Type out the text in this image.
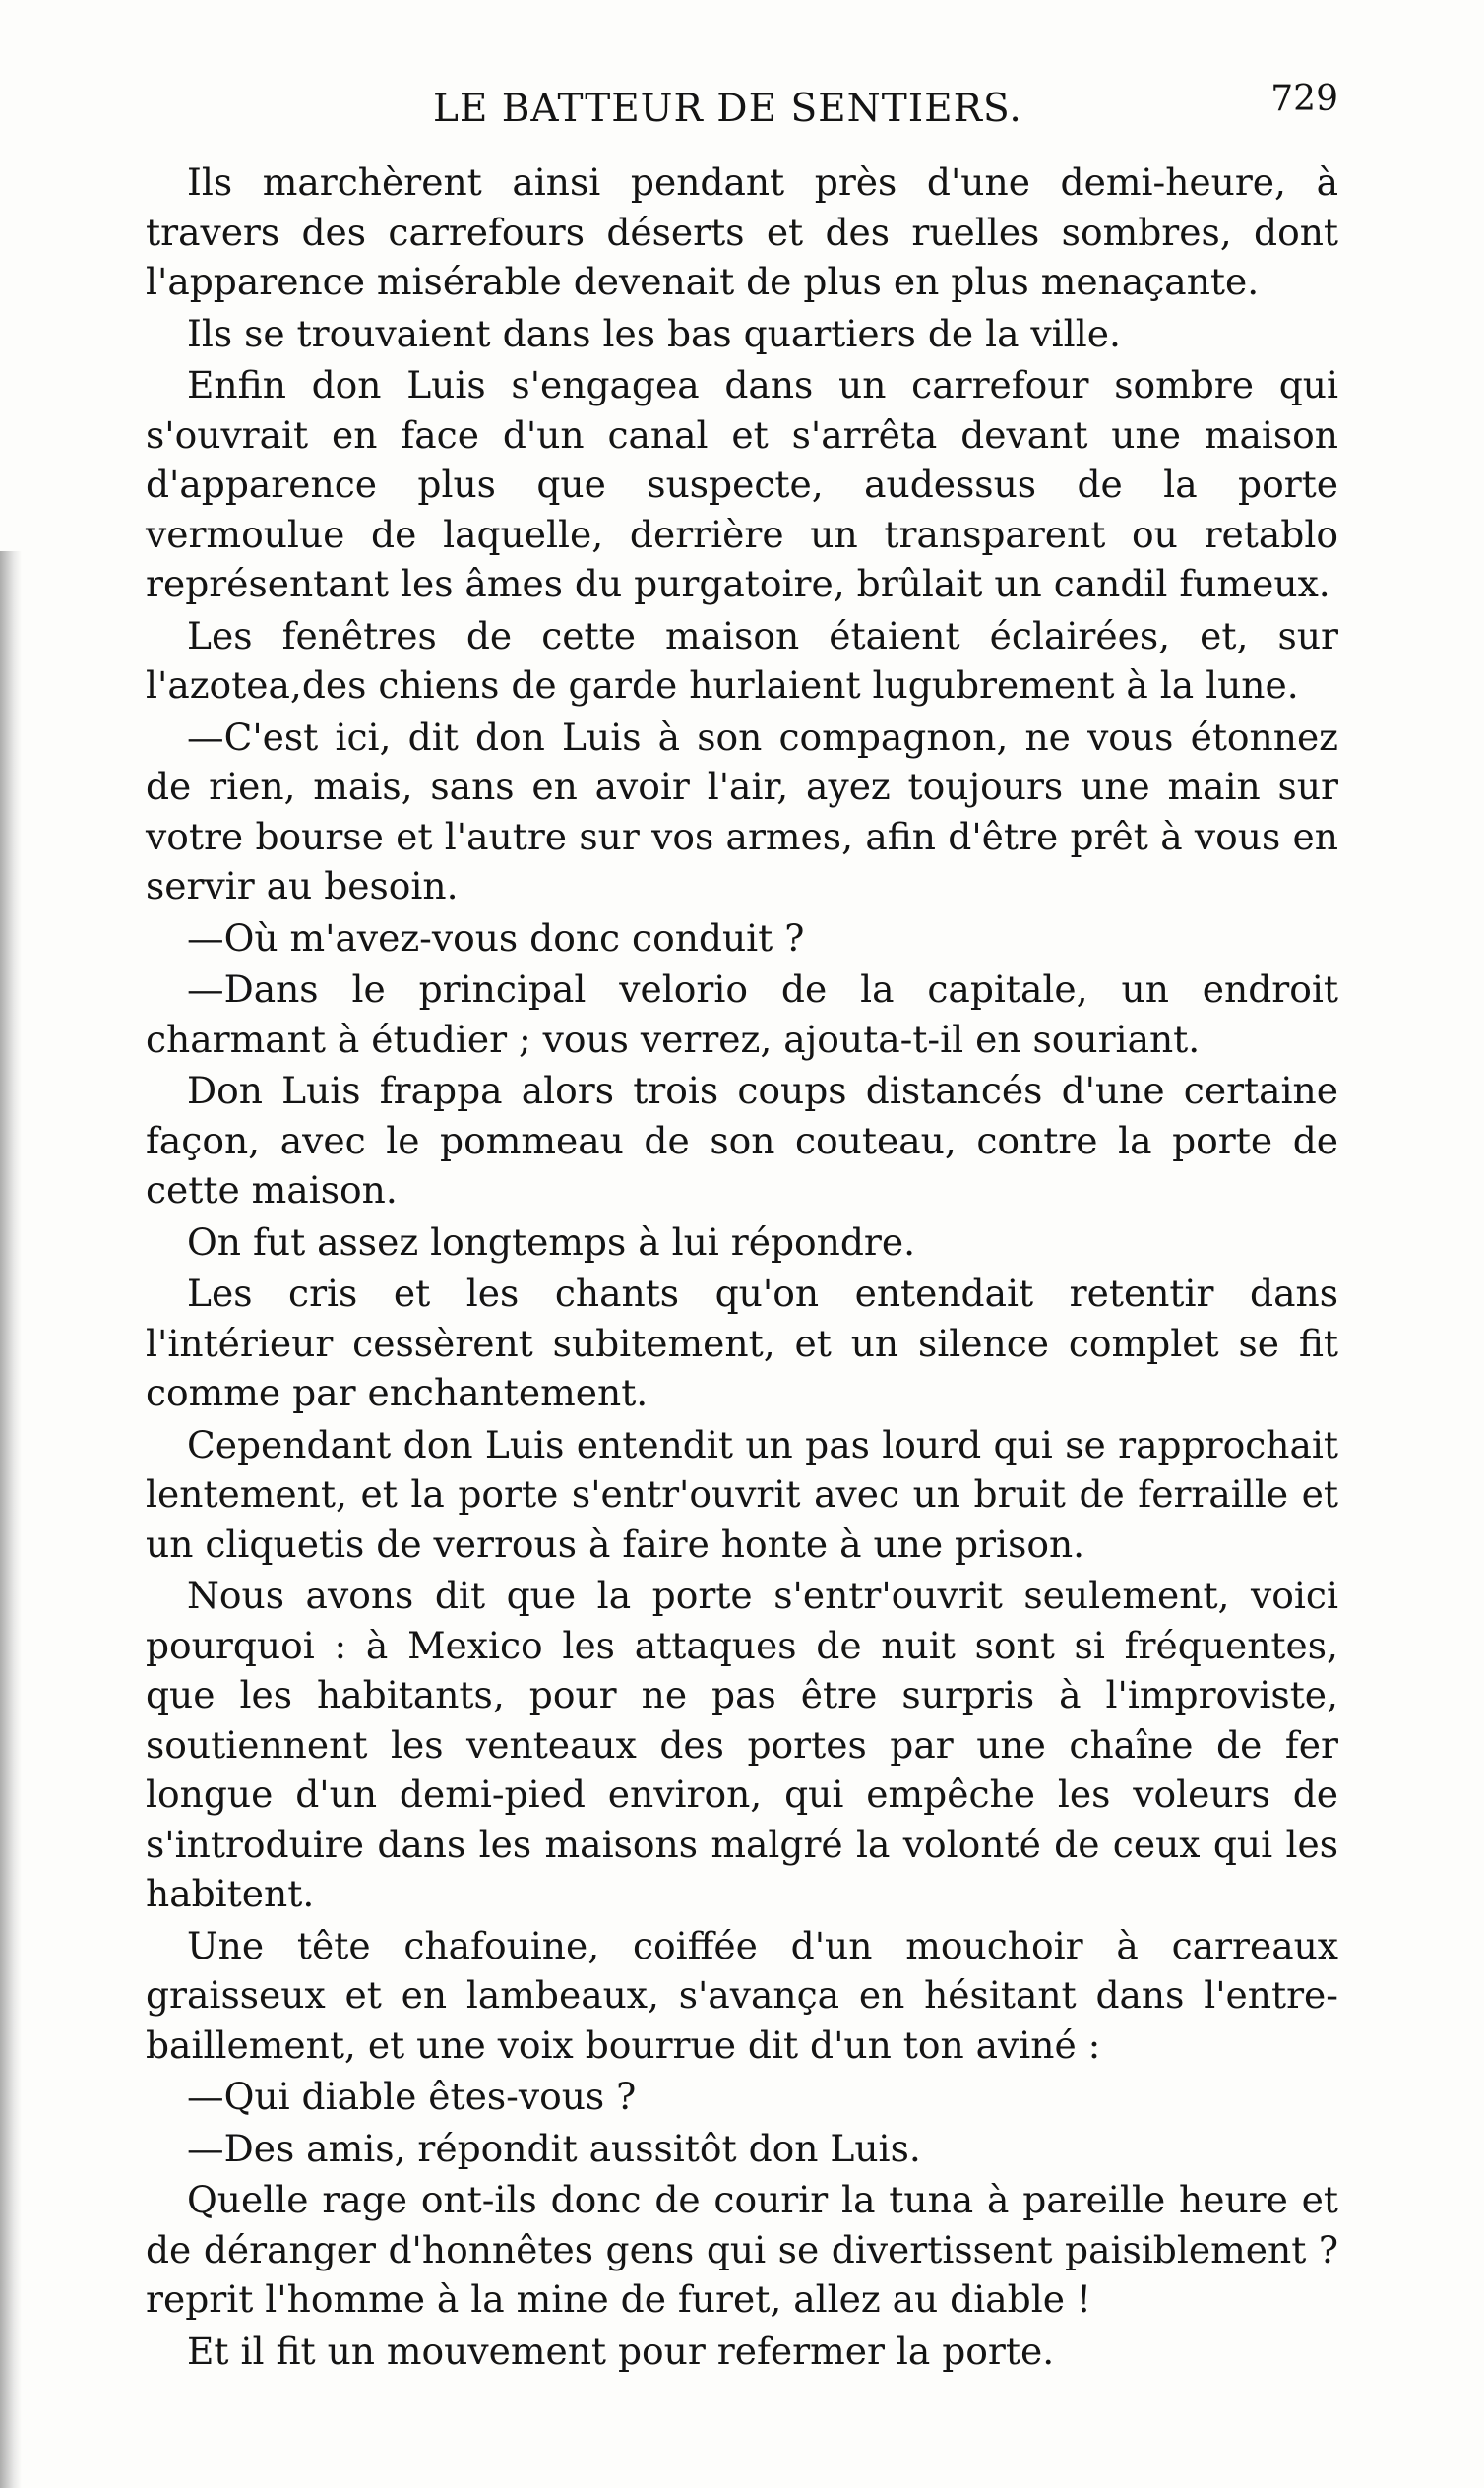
LE BATTEUR DE SENTIERS.	729

Ils marchèrent ainsi pendant près d'une demi-heure, à travers des carrefours déserts et des ruelles sombres, dont l'apparence misérable devenait de plus en plus menaçante.

Ils se trouvaient dans les bas quartiers de la ville.

Enfin don Luis s'engagea dans un carrefour sombre qui s'ouvrait en face d'un canal et s'arrêta devant une maison d'apparence plus que suspecte, audessus de la porte vermoulue de laquelle, derrière un transparent ou retablo représentant les âmes du purgatoire, brûlait un candil fumeux.

Les fenêtres de cette maison étaient éclairées, et, sur l'azotea,des chiens de garde hurlaient lugubrement à la lune.

—C'est ici, dit don Luis à son compagnon, ne vous étonnez de rien, mais, sans en avoir l'air, ayez toujours une main sur votre bourse et l'autre sur vos armes, afin d'être prêt à vous en servir au besoin.

—Où m'avez-vous donc conduit ?

—Dans le principal velorio de la capitale, un endroit charmant à étudier ; vous verrez, ajouta-t-il en souriant.

Don Luis frappa alors trois coups distancés d'une certaine façon, avec le pommeau de son couteau, contre la porte de cette maison.

On fut assez longtemps à lui répondre.

Les cris et les chants qu'on entendait retentir dans l'intérieur cessèrent subitement, et un silence complet se fit comme par enchantement.

Cependant don Luis entendit un pas lourd qui se rapprochait lentement, et la porte s'entr'ouvrit avec un bruit de ferraille et un cliquetis de verrous à faire honte à une prison.

Nous avons dit que la porte s'entr'ouvrit seulement, voici pourquoi : à Mexico les attaques de nuit sont si fréquentes, que les habitants, pour ne pas être surpris à l'improviste, soutiennent les venteaux des portes par une chaîne de fer longue d'un demi-pied environ, qui empêche les voleurs de s'introduire dans les maisons malgré la volonté de ceux qui les habitent.

Une tête chafouine, coiffée d'un mouchoir à carreaux graisseux et en lambeaux, s'avança en hésitant dans l'entre-baillement, et une voix bourrue dit d'un ton aviné :

—Qui diable êtes-vous ?

—Des amis, répondit aussitôt don Luis.

Quelle rage ont-ils donc de courir la tuna à pareille heure et de déranger d'honnêtes gens qui se divertissent paisiblement ? reprit l'homme à la mine de furet, allez au diable !

Et il fit un mouvement pour refermer la porte.
